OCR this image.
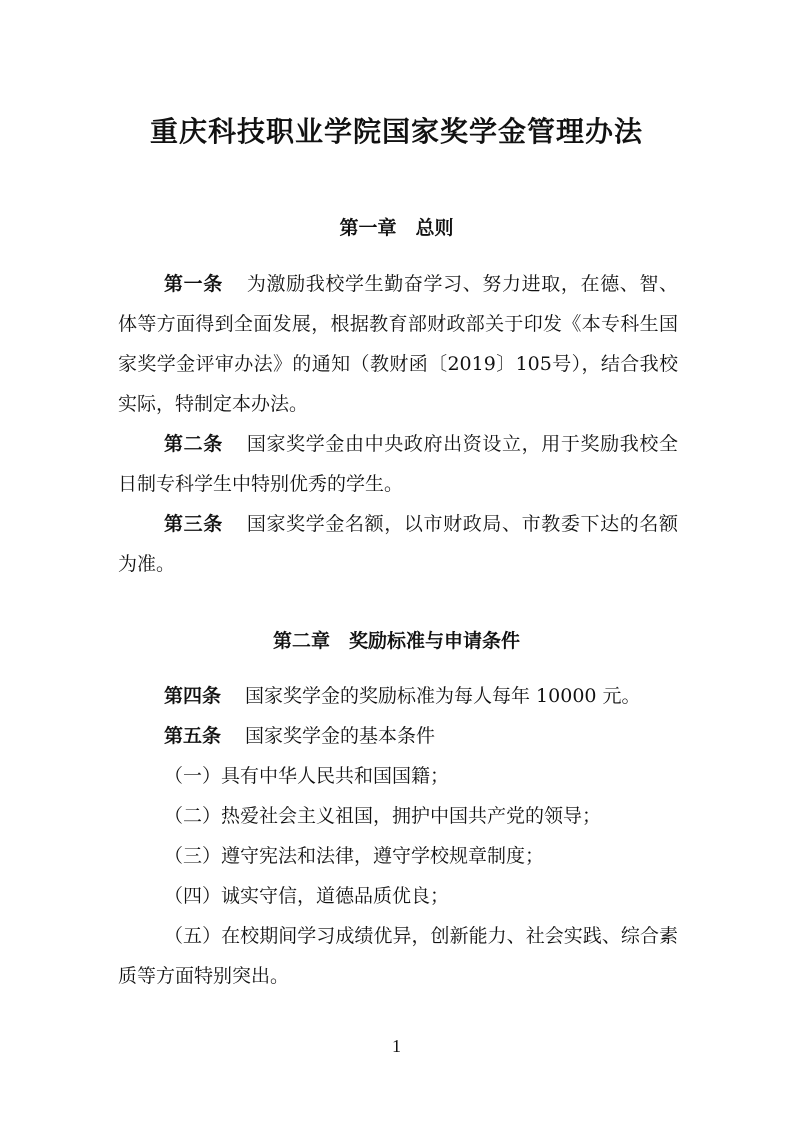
重庆科技职业学院国家奖学金管理办法
第一章　总则

第一条 为激励我校学生勤奋学习、努力进取，在德、智、体等方面得到全面发展，根据教育部财政部关于印发《本专科生国家奖学金评审办法》的通知（教财函〔2019〕105号），结合我校实际，特制定本办法。

第二条 国家奖学金由中央政府出资设立，用于奖励我校全日制专科学生中特别优秀的学生。

第三条 国家奖学金名额，以市财政局、市教委下达的名额为准。

第二章　奖励标准与申请条件

第四条 国家奖学金的奖励标准为每人每年 10000 元。

第五条 国家奖学金的基本条件

（一）具有中华人民共和国国籍；

（二）热爱社会主义祖国，拥护中国共产党的领导；

（三）遵守宪法和法律，遵守学校规章制度；

（四）诚实守信，道德品质优良；

（五）在校期间学习成绩优异，创新能力、社会实践、综合素质等方面特别突出。

1
